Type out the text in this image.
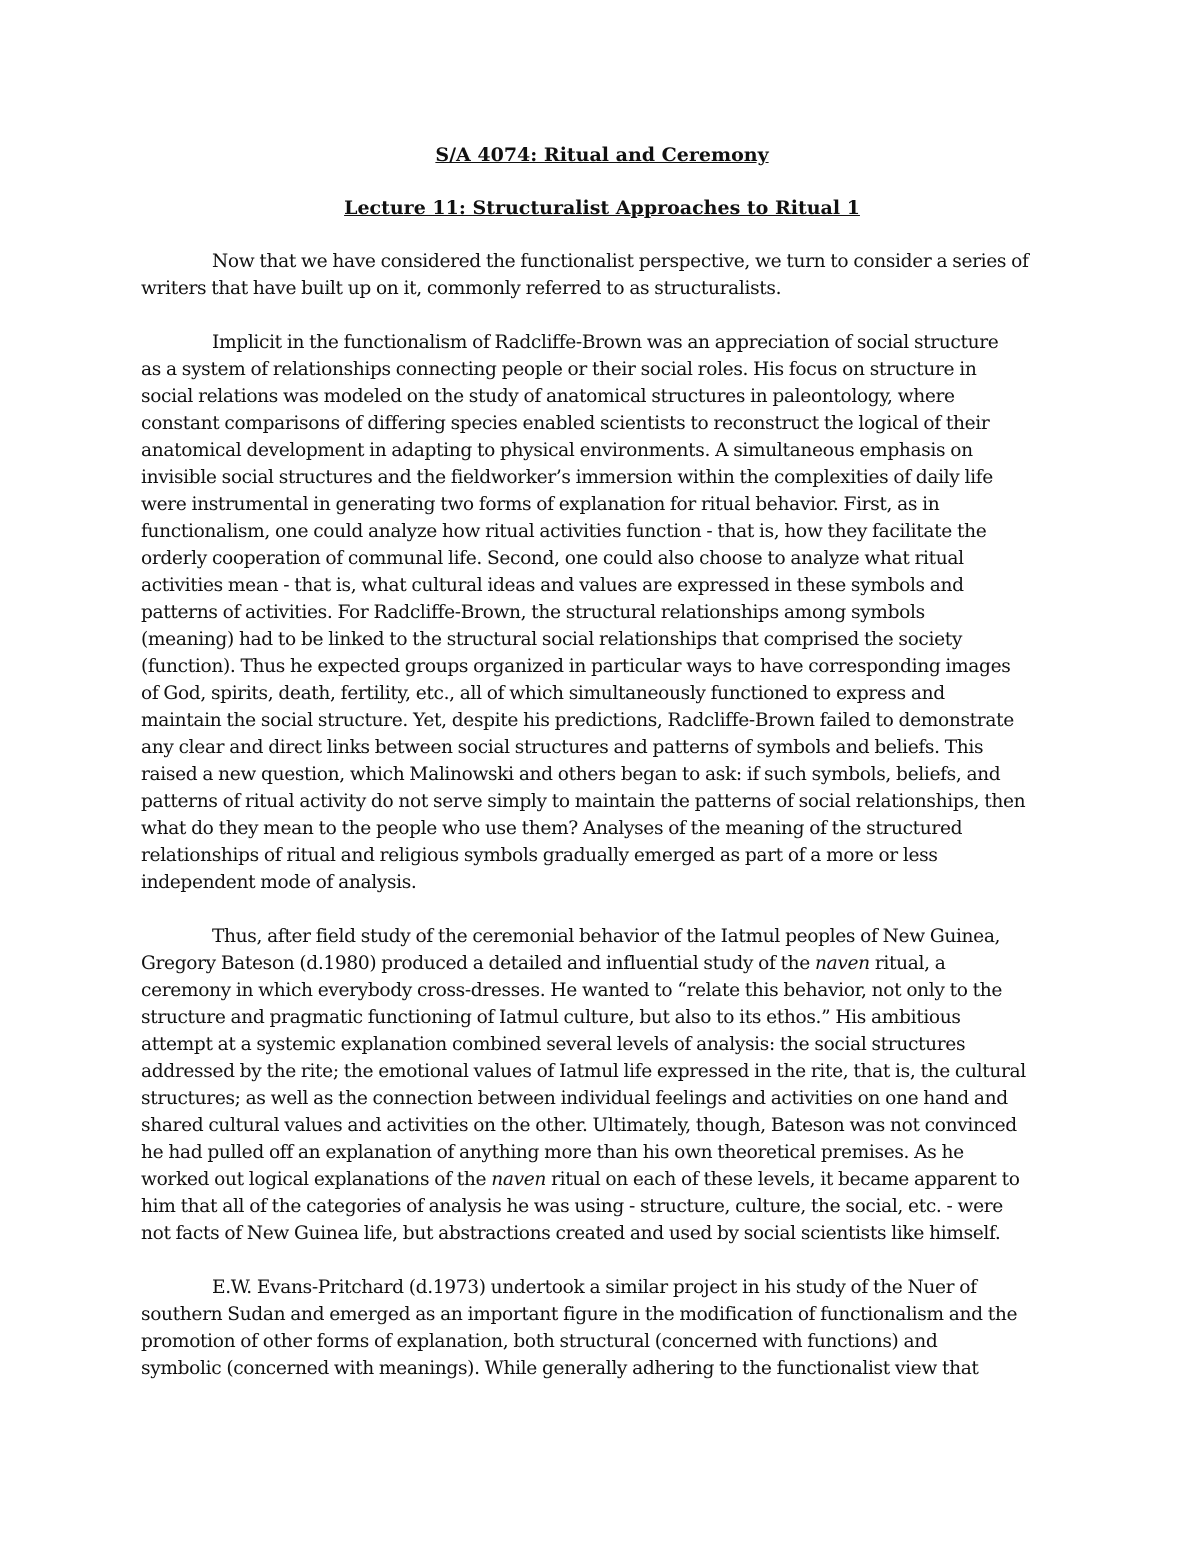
S/A 4074: Ritual and Ceremony

Lecture 11: Structuralist Approaches to Ritual 1

Now that we have considered the functionalist perspective, we turn to consider a series of
writers that have built up on it, commonly referred to as structuralists.

Implicit in the functionalism of Radcliffe-Brown was an appreciation of social structure
as a system of relationships connecting people or their social roles. His focus on structure in
social relations was modeled on the study of anatomical structures in paleontology, where
constant comparisons of differing species enabled scientists to reconstruct the logical of their
anatomical development in adapting to physical environments. A simultaneous emphasis on
invisible social structures and the fieldworker’s immersion within the complexities of daily life
were instrumental in generating two forms of explanation for ritual behavior. First, as in
functionalism, one could analyze how ritual activities function - that is, how they facilitate the
orderly cooperation of communal life. Second, one could also choose to analyze what ritual
activities mean - that is, what cultural ideas and values are expressed in these symbols and
patterns of activities. For Radcliffe-Brown, the structural relationships among symbols
(meaning) had to be linked to the structural social relationships that comprised the society
(function). Thus he expected groups organized in particular ways to have corresponding images
of God, spirits, death, fertility, etc., all of which simultaneously functioned to express and
maintain the social structure. Yet, despite his predictions, Radcliffe-Brown failed to demonstrate
any clear and direct links between social structures and patterns of symbols and beliefs. This
raised a new question, which Malinowski and others began to ask: if such symbols, beliefs, and
patterns of ritual activity do not serve simply to maintain the patterns of social relationships, then
what do they mean to the people who use them? Analyses of the meaning of the structured
relationships of ritual and religious symbols gradually emerged as part of a more or less
independent mode of analysis.

Thus, after field study of the ceremonial behavior of the Iatmul peoples of New Guinea,
Gregory Bateson (d.1980) produced a detailed and influential study of the naven ritual, a
ceremony in which everybody cross-dresses. He wanted to “relate this behavior, not only to the
structure and pragmatic functioning of Iatmul culture, but also to its ethos.” His ambitious
attempt at a systemic explanation combined several levels of analysis: the social structures
addressed by the rite; the emotional values of Iatmul life expressed in the rite, that is, the cultural
structures; as well as the connection between individual feelings and activities on one hand and
shared cultural values and activities on the other. Ultimately, though, Bateson was not convinced
he had pulled off an explanation of anything more than his own theoretical premises. As he
worked out logical explanations of the naven ritual on each of these levels, it became apparent to
him that all of the categories of analysis he was using - structure, culture, the social, etc. - were
not facts of New Guinea life, but abstractions created and used by social scientists like himself.

E.W. Evans-Pritchard (d.1973) undertook a similar project in his study of the Nuer of
southern Sudan and emerged as an important figure in the modification of functionalism and the
promotion of other forms of explanation, both structural (concerned with functions) and
symbolic (concerned with meanings). While generally adhering to the functionalist view that
